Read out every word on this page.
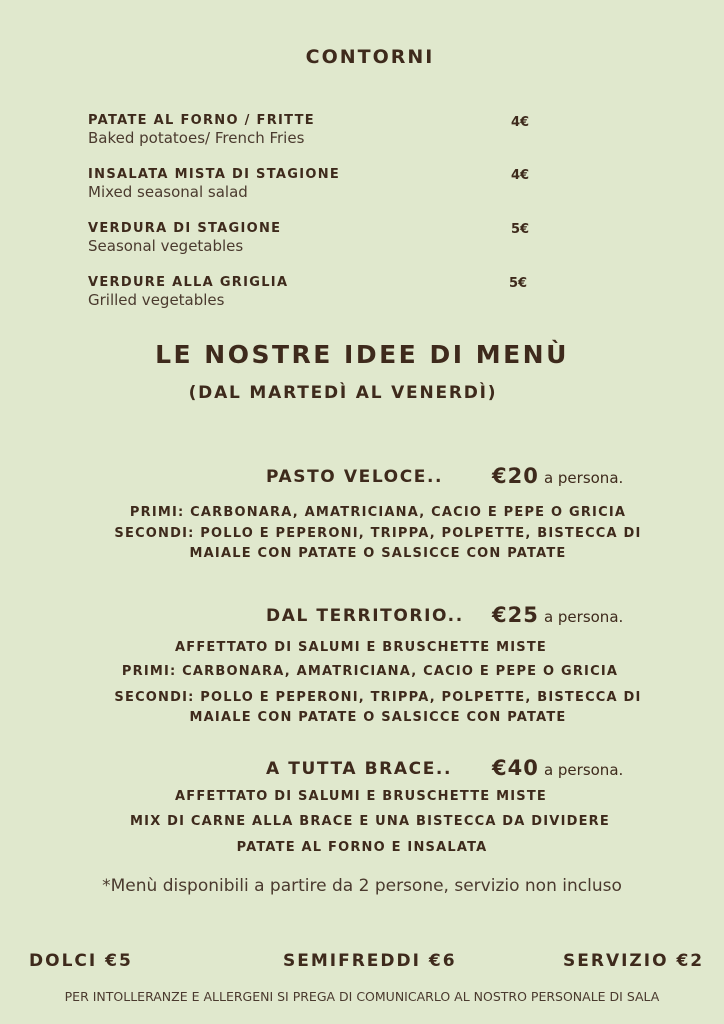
CONTORNI
PATATE AL FORNO / FRITTE
Baked potatoes/ French Fries
4€
INSALATA MISTA DI STAGIONE
Mixed seasonal salad
4€
VERDURA DI STAGIONE
Seasonal vegetables
5€
VERDURE ALLA GRIGLIA
Grilled vegetables
5€
LE NOSTRE IDEE DI MENÙ
(DAL MARTEDÌ AL VENERDÌ)
PASTO VELOCE.. €20 a persona.
PRIMI: CARBONARA, AMATRICIANA, CACIO E PEPE O GRICIA
SECONDI: POLLO E PEPERONI, TRIPPA, POLPETTE, BISTECCA DI
MAIALE CON PATATE O SALSICCE CON PATATE
DAL TERRITORIO.. €25 a persona.
AFFETTATO DI SALUMI E BRUSCHETTE MISTE
PRIMI: CARBONARA, AMATRICIANA, CACIO E PEPE O GRICIA
SECONDI: POLLO E PEPERONI, TRIPPA, POLPETTE, BISTECCA DI
MAIALE CON PATATE O SALSICCE CON PATATE
A TUTTA BRACE.. €40 a persona.
AFFETTATO DI SALUMI E BRUSCHETTE MISTE
MIX DI CARNE ALLA BRACE E UNA BISTECCA DA DIVIDERE
PATATE AL FORNO E INSALATA
*Menù disponibili a partire da 2 persone, servizio non incluso
DOLCI €5	SEMIFREDDI €6	SERVIZIO €2
PER INTOLLERANZE E ALLERGENI SI PREGA DI COMUNICARLO AL NOSTRO PERSONALE DI SALA
